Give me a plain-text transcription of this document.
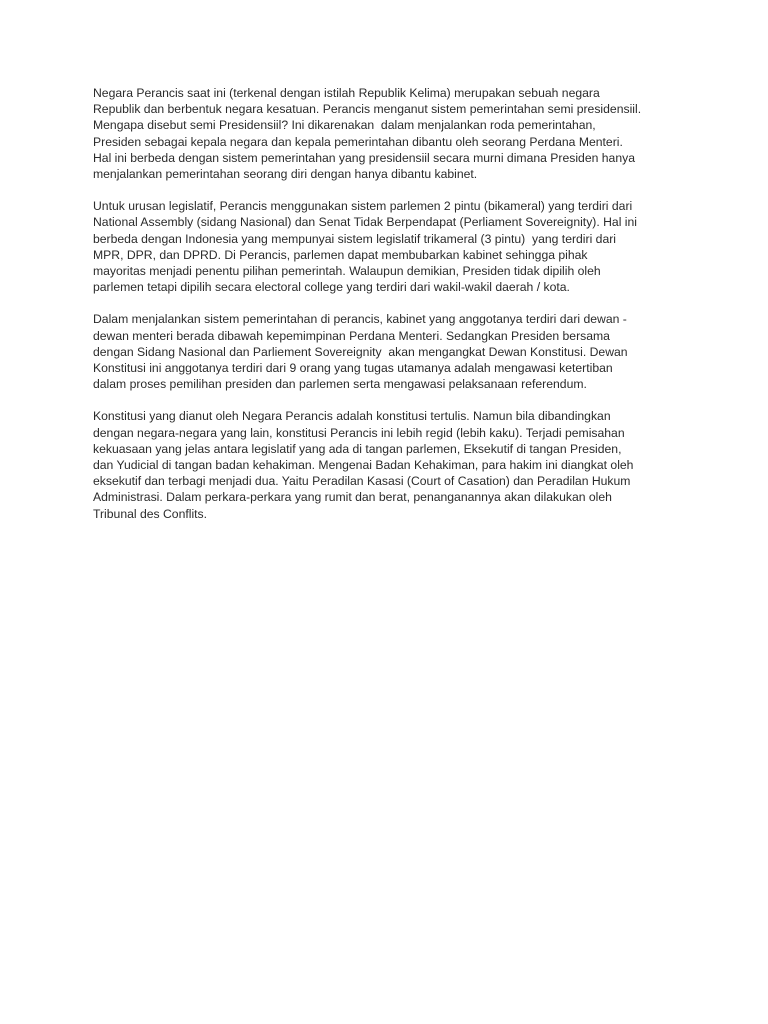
Negara Perancis saat ini (terkenal dengan istilah Republik Kelima) merupakan sebuah negara
Republik dan berbentuk negara kesatuan. Perancis menganut sistem pemerintahan semi presidensiil.
Mengapa disebut semi Presidensiil? Ini dikarenakan  dalam menjalankan roda pemerintahan,
Presiden sebagai kepala negara dan kepala pemerintahan dibantu oleh seorang Perdana Menteri.
Hal ini berbeda dengan sistem pemerintahan yang presidensiil secara murni dimana Presiden hanya
menjalankan pemerintahan seorang diri dengan hanya dibantu kabinet.

Untuk urusan legislatif, Perancis menggunakan sistem parlemen 2 pintu (bikameral) yang terdiri dari
National Assembly (sidang Nasional) dan Senat Tidak Berpendapat (Perliament Sovereignity). Hal ini
berbeda dengan Indonesia yang mempunyai sistem legislatif trikameral (3 pintu)  yang terdiri dari
MPR, DPR, dan DPRD. Di Perancis, parlemen dapat membubarkan kabinet sehingga pihak
mayoritas menjadi penentu pilihan pemerintah. Walaupun demikian, Presiden tidak dipilih oleh
parlemen tetapi dipilih secara electoral college yang terdiri dari wakil-wakil daerah / kota.

Dalam menjalankan sistem pemerintahan di perancis, kabinet yang anggotanya terdiri dari dewan -
dewan menteri berada dibawah kepemimpinan Perdana Menteri. Sedangkan Presiden bersama
dengan Sidang Nasional dan Parliement Sovereignity  akan mengangkat Dewan Konstitusi. Dewan
Konstitusi ini anggotanya terdiri dari 9 orang yang tugas utamanya adalah mengawasi ketertiban
dalam proses pemilihan presiden dan parlemen serta mengawasi pelaksanaan referendum.

Konstitusi yang dianut oleh Negara Perancis adalah konstitusi tertulis. Namun bila dibandingkan
dengan negara-negara yang lain, konstitusi Perancis ini lebih regid (lebih kaku). Terjadi pemisahan
kekuasaan yang jelas antara legislatif yang ada di tangan parlemen, Eksekutif di tangan Presiden,
dan Yudicial di tangan badan kehakiman. Mengenai Badan Kehakiman, para hakim ini diangkat oleh
eksekutif dan terbagi menjadi dua. Yaitu Peradilan Kasasi (Court of Casation) dan Peradilan Hukum
Administrasi. Dalam perkara-perkara yang rumit dan berat, penanganannya akan dilakukan oleh
Tribunal des Conflits.
